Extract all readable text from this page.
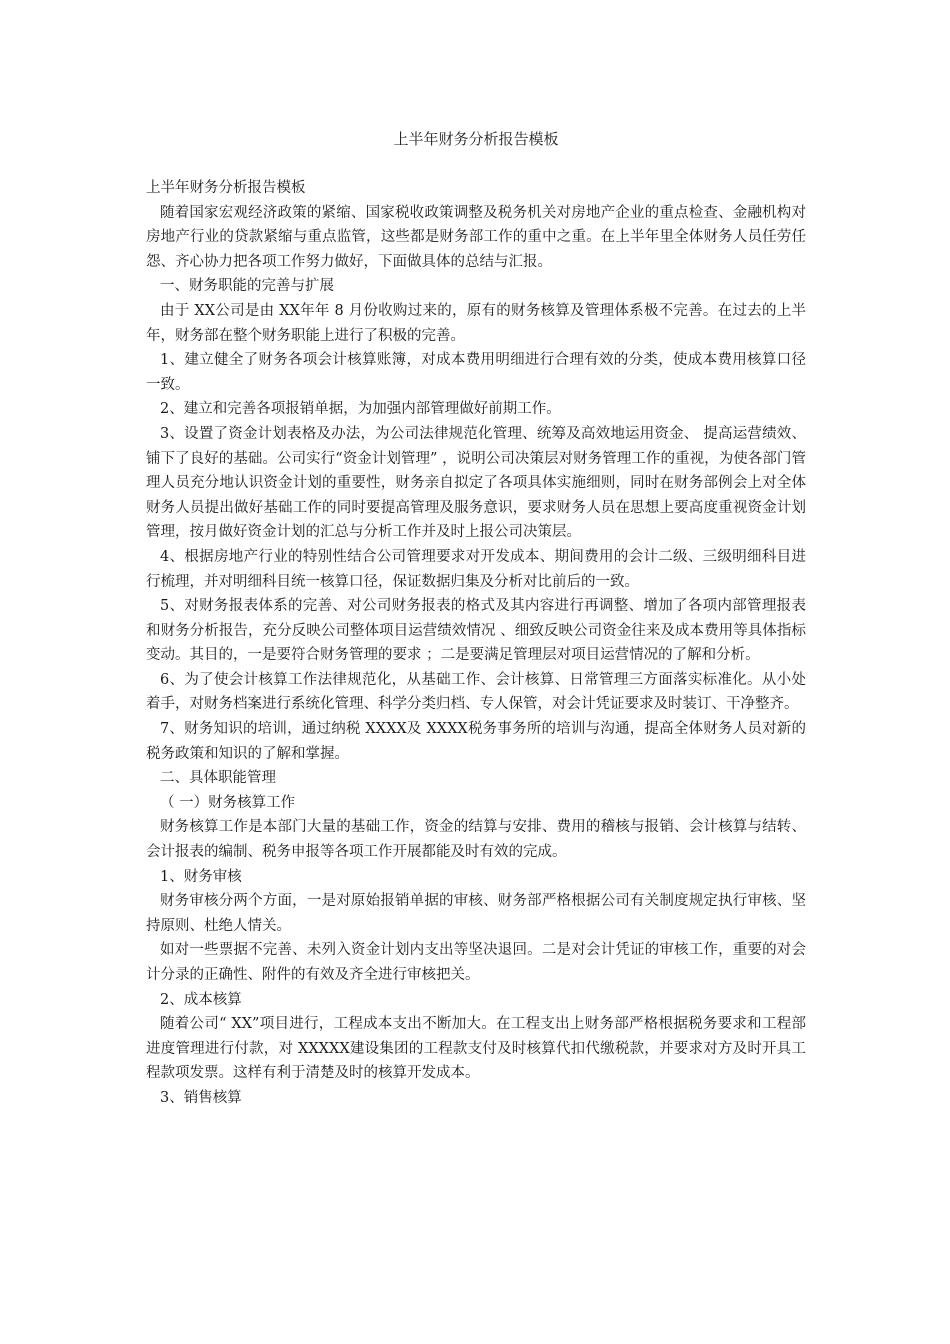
上半年财务分析报告模板

上半年财务分析报告模板

随着国家宏观经济政策的紧缩、国家税收政策调整及税务机关对房地产企业的重点检查、金融机构对房地产行业的贷款紧缩与重点监管，这些都是财务部工作的重中之重。在上半年里全体财务人员任劳任怨、齐心协力把各项工作努力做好，下面做具体的总结与汇报。

一、财务职能的完善与扩展

由于 XX公司是由 XX年年 8 月份收购过来的，原有的财务核算及管理体系极不完善。在过去的上半年，财务部在整个财务职能上进行了积极的完善。

1、建立健全了财务各项会计核算账簿，对成本费用明细进行合理有效的分类，使成本费用核算口径一致。

2、建立和完善各项报销单据，为加强内部管理做好前期工作。

3、设置了资金计划表格及办法，为公司法律规范化管理、统筹及高效地运用资金、 提高运营绩效、 铺下了良好的基础。公司实行“资金计划管理” ，说明公司决策层对财务管理工作的重视，为使各部门管理人员充分地认识资金计划的重要性，财务亲自拟定了各项具体实施细则，同时在财务部例会上对全体财务人员提出做好基础工作的同时要提高管理及服务意识，要求财务人员在思想上要高度重视资金计划管理，按月做好资金计划的汇总与分析工作并及时上报公司决策层。

4、根据房地产行业的特别性结合公司管理要求对开发成本、期间费用的会计二级、三级明细科目进行梳理，并对明细科目统一核算口径，保证数据归集及分析对比前后的一致。

5、对财务报表体系的完善、对公司财务报表的格式及其内容进行再调整、增加了各项内部管理报表和财务分析报告，充分反映公司整体项目运营绩效情况 、细致反映公司资金往来及成本费用等具体指标变动。其目的，一是要符合财务管理的要求 ；二是要满足管理层对项目运营情况的了解和分析。

6、为了使会计核算工作法律规范化，从基础工作、会计核算、日常管理三方面落实标准化。从小处着手，对财务档案进行系统化管理、科学分类归档、专人保管，对会计凭证要求及时装订、干净整齐。

7、财务知识的培训，通过纳税 XXXX及 XXXX税务事务所的培训与沟通，提高全体财务人员对新的税务政策和知识的了解和掌握。

二、具体职能管理

（ 一）财务核算工作

财务核算工作是本部门大量的基础工作，资金的结算与安排、费用的稽核与报销、会计核算与结转、会计报表的编制、税务申报等各项工作开展都能及时有效的完成。

1、财务审核

财务审核分两个方面，一是对原始报销单据的审核、财务部严格根据公司有关制度规定执行审核、坚持原则、杜绝人情关。

如对一些票据不完善、未列入资金计划内支出等坚决退回。二是对会计凭证的审核工作，重要的对会计分录的正确性、附件的有效及齐全进行审核把关。

2、成本核算

随着公司“ XX”项目进行，工程成本支出不断加大。在工程支出上财务部严格根据税务要求和工程部进度管理进行付款，对 XXXXX建设集团的工程款支付及时核算代扣代缴税款，并要求对方及时开具工程款项发票。这样有利于清楚及时的核算开发成本。

3、销售核算
